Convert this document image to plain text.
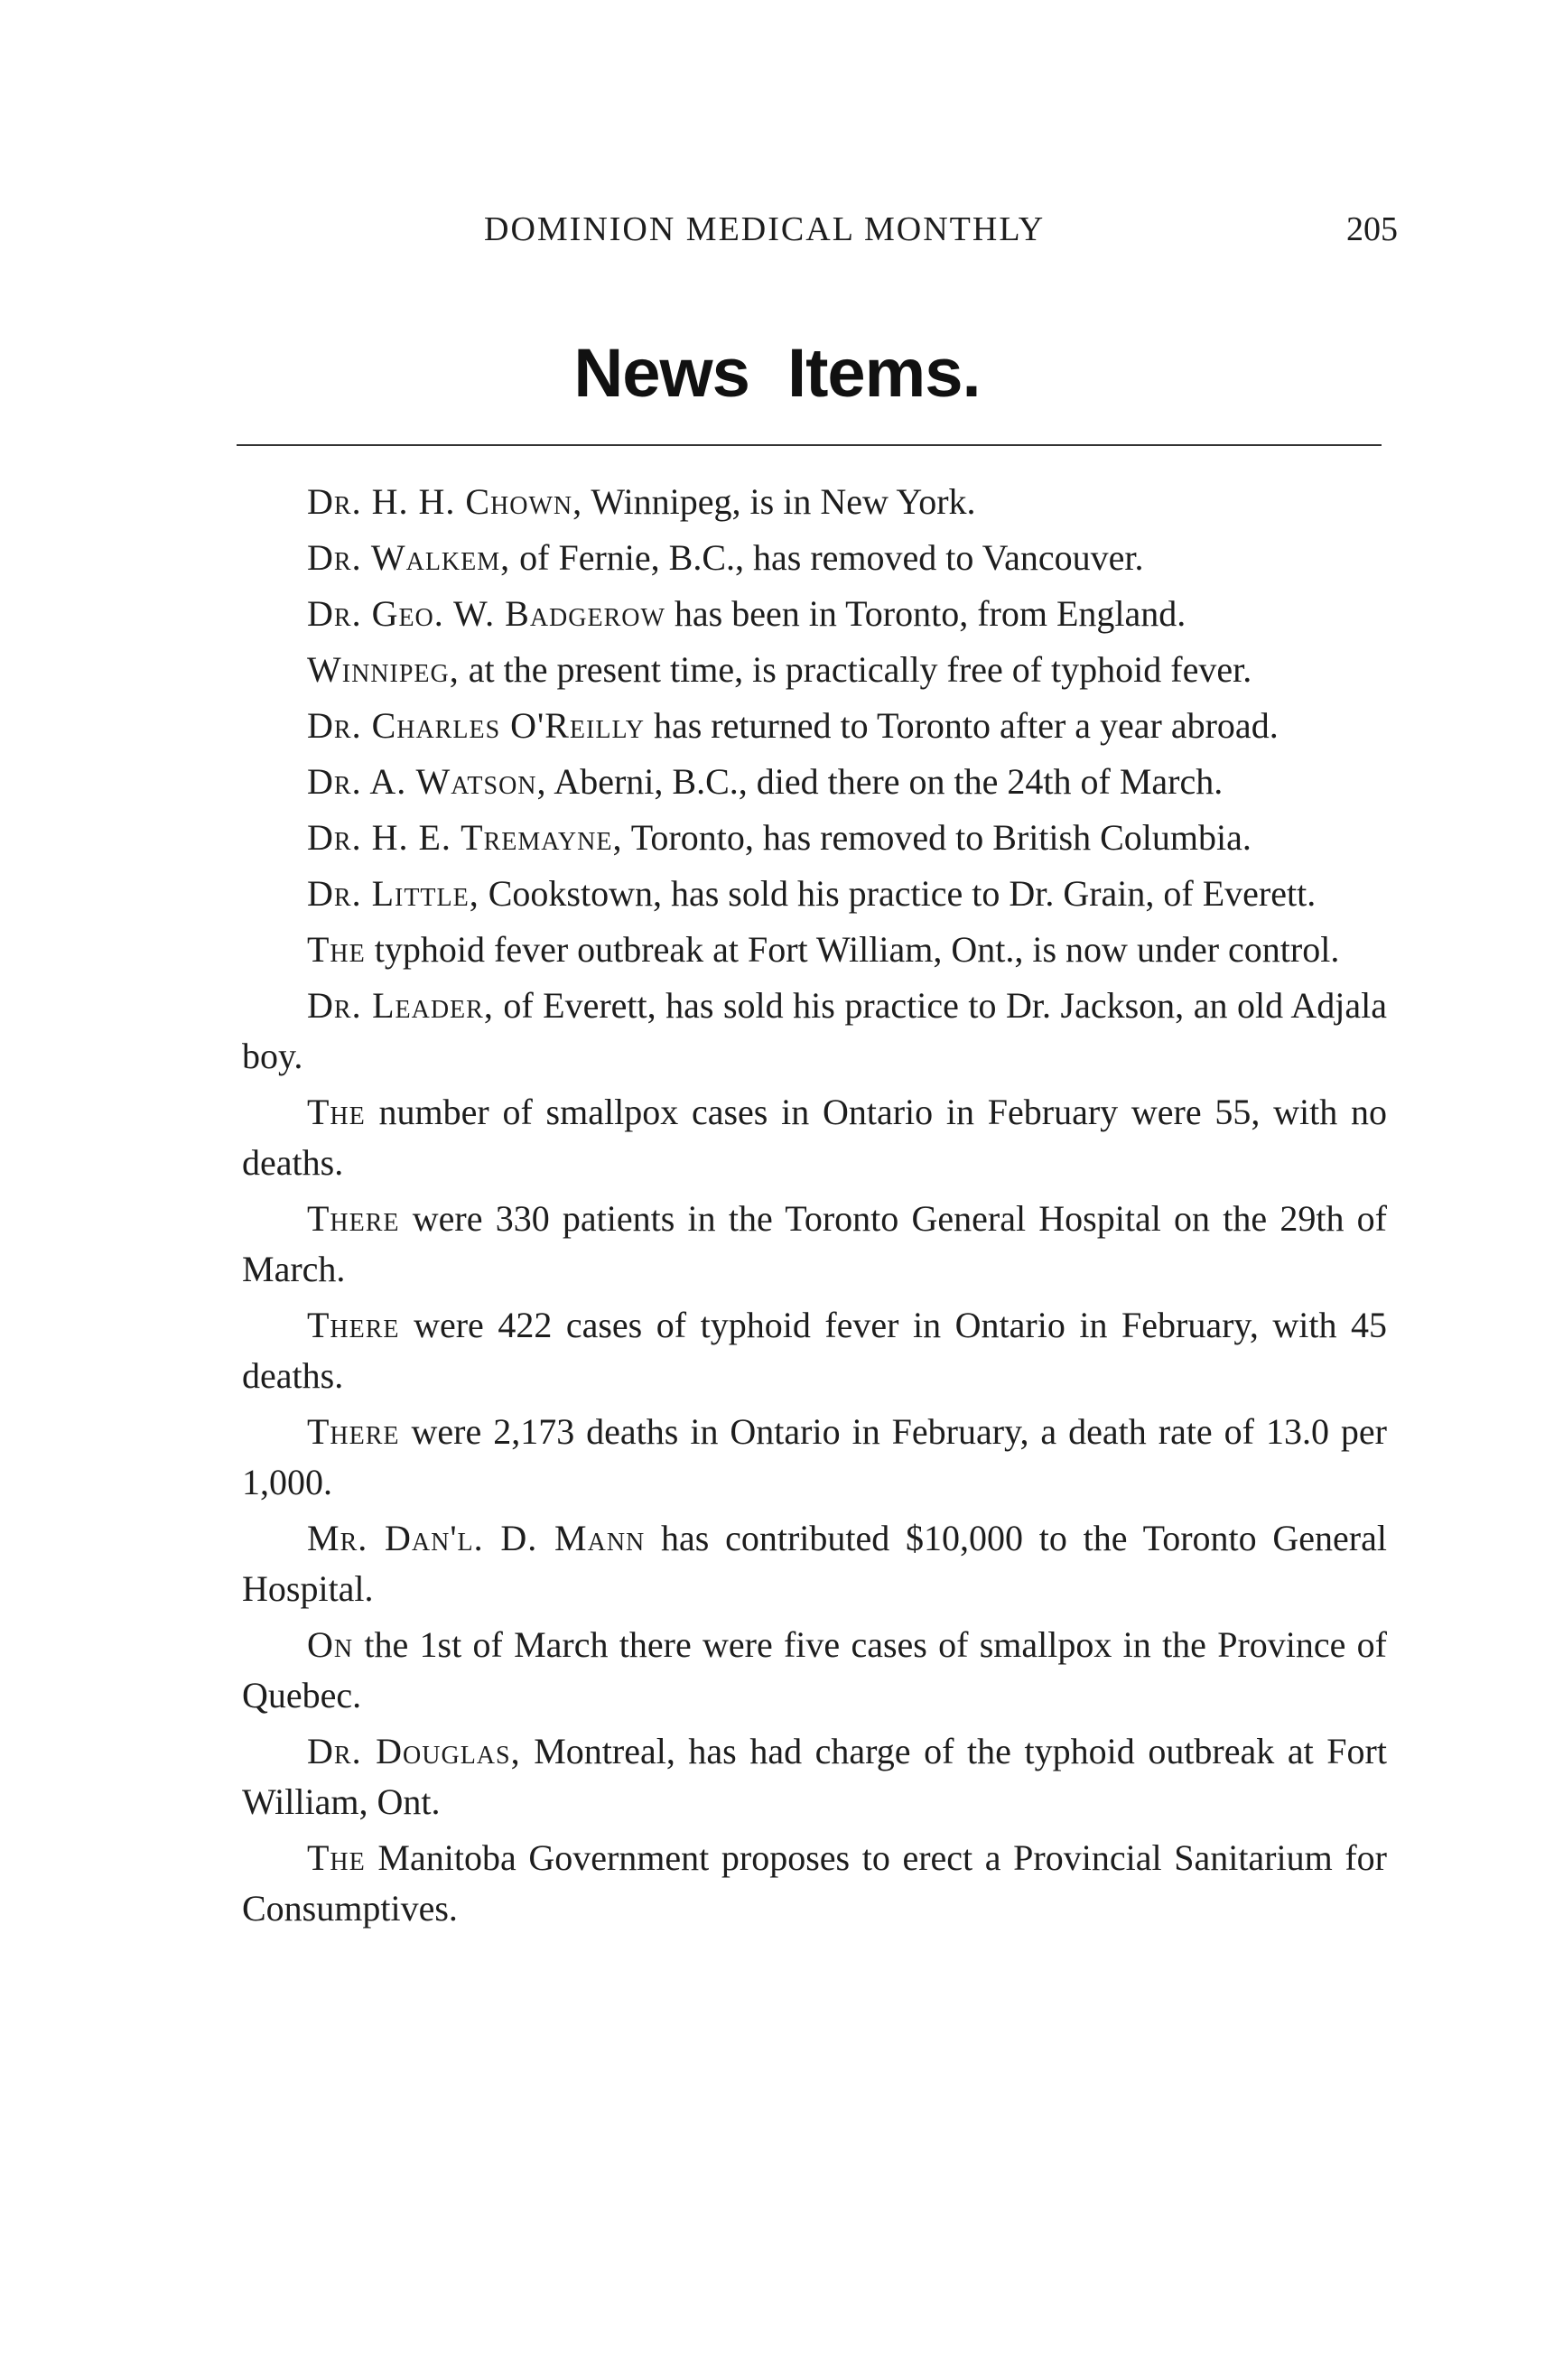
DOMINION MEDICAL MONTHLY	205
News Items.

Dr. H. H. Chown, Winnipeg, is in New York.

Dr. Walkem, of Fernie, B.C., has removed to Vancouver.

Dr. Geo. W. Badgerow has been in Toronto, from England.

Winnipeg, at the present time, is practically free of typhoid fever.

Dr. Charles O'Reilly has returned to Toronto after a year abroad.

Dr. A. Watson, Aberni, B.C., died there on the 24th of March.

Dr. H. E. Tremayne, Toronto, has removed to British Columbia.

Dr. Little, Cookstown, has sold his practice to Dr. Grain, of Everett.

The typhoid fever outbreak at Fort William, Ont., is now under control.

Dr. Leader, of Everett, has sold his practice to Dr. Jackson, an old Adjala boy.

The number of smallpox cases in Ontario in February were 55, with no deaths.

There were 330 patients in the Toronto General Hospital on the 29th of March.

There were 422 cases of typhoid fever in Ontario in February, with 45 deaths.

There were 2,173 deaths in Ontario in February, a death rate of 13.0 per 1,000.

Mr. Dan'l. D. Mann has contributed $10,000 to the Toronto General Hospital.

On the 1st of March there were five cases of smallpox in the Province of Quebec.

Dr. Douglas, Montreal, has had charge of the typhoid outbreak at Fort William, Ont.

The Manitoba Government proposes to erect a Provincial Sanitarium for Consumptives.
